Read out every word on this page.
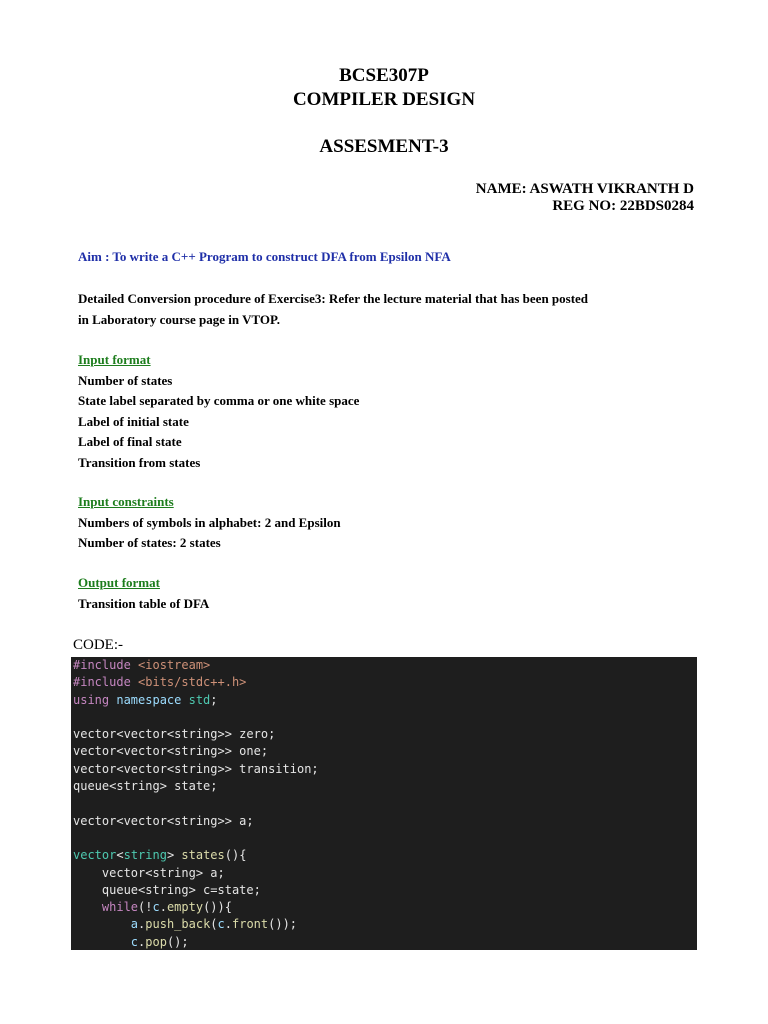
BCSE307P
COMPILER DESIGN
ASSESMENT-3
NAME: ASWATH VIKRANTH D
REG NO: 22BDS0284
Aim : To write a C++ Program to construct DFA from Epsilon NFA
Detailed Conversion procedure of Exercise3: Refer the lecture material that has been posted
in Laboratory course page in VTOP.
Input format
Number of states
State label separated by comma or one white space
Label of initial state
Label of final state
Transition from states
Input constraints
Numbers of symbols in alphabet: 2 and Epsilon
Number of states: 2 states
Output format
Transition table of DFA
CODE:-
#include <iostream>
#include <bits/stdc++.h>
using namespace std;
vector<vector<string>> zero;
vector<vector<string>> one;
vector<vector<string>> transition;
queue<string> state;
vector<vector<string>> a;
vector<string> states(){
vector<string> a;
queue<string> c=state;
while(!c.empty()){
a.push_back(c.front());
c.pop();
